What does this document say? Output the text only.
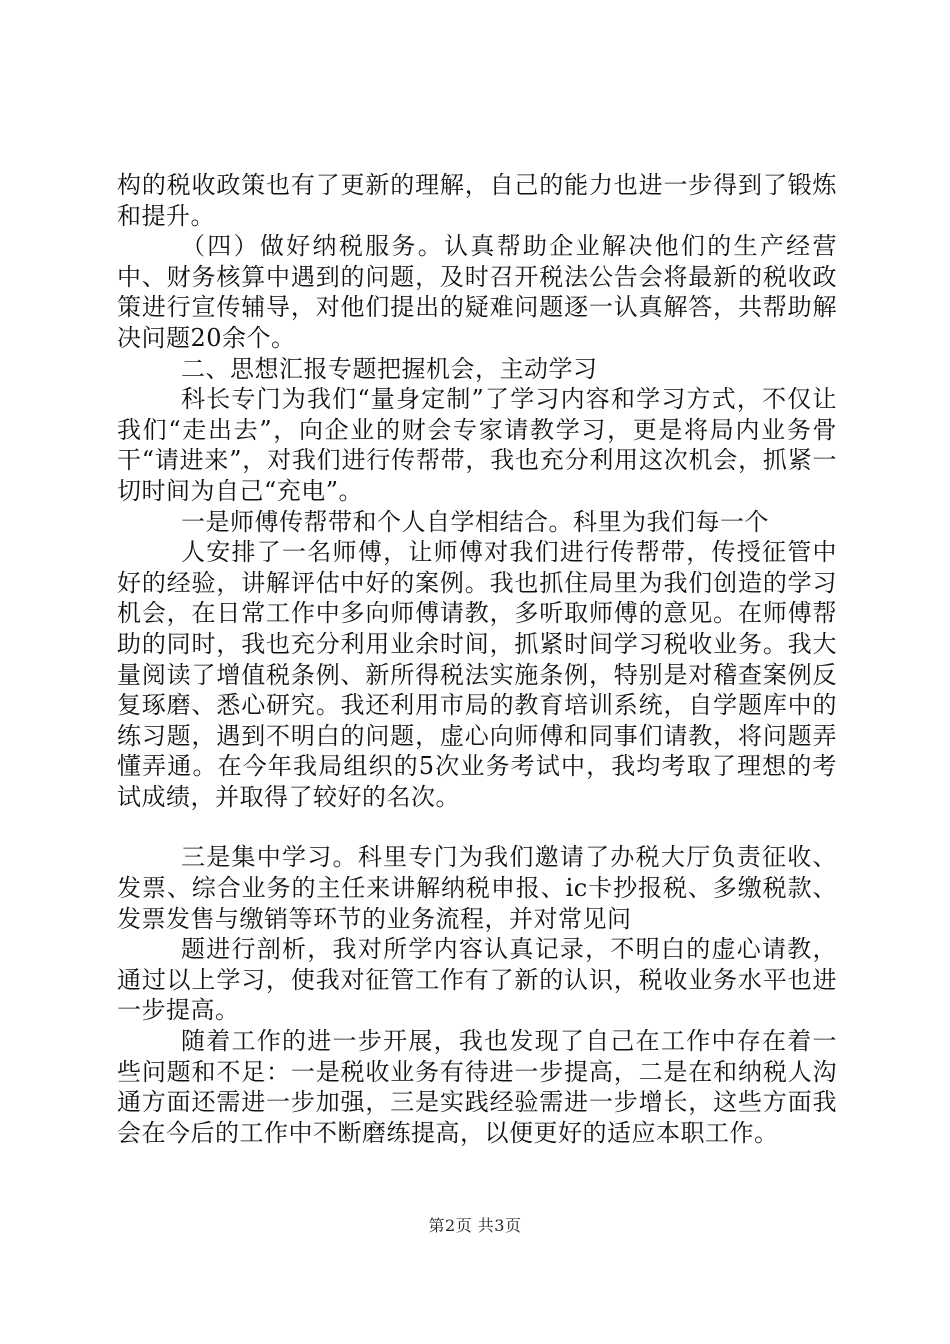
构的税收政策也有了更新的理解，自己的能力也进一步得到了锻炼和提升。

（四）做好纳税服务。认真帮助企业解决他们的生产经营中、财务核算中遇到的问题，及时召开税法公告会将最新的税收政策进行宣传辅导，对他们提出的疑难问题逐一认真解答，共帮助解决问题20余个。

二、思想汇报专题把握机会，主动学习

科长专门为我们“量身定制”了学习内容和学习方式，不仅让我们“走出去”，向企业的财会专家请教学习，更是将局内业务骨干“请进来”，对我们进行传帮带，我也充分利用这次机会，抓紧一切时间为自己“充电”。

一是师傅传帮带和个人自学相结合。科里为我们每一个

人安排了一名师傅，让师傅对我们进行传帮带，传授征管中好的经验，讲解评估中好的案例。我也抓住局里为我们创造的学习机会，在日常工作中多向师傅请教，多听取师傅的意见。在师傅帮助的同时，我也充分利用业余时间，抓紧时间学习税收业务。我大量阅读了增值税条例、新所得税法实施条例，特别是对稽查案例反复琢磨、悉心研究。我还利用市局的教育培训系统，自学题库中的练习题，遇到不明白的问题，虚心向师傅和同事们请教，将问题弄懂弄通。在今年我局组织的5次业务考试中，我均考取了理想的考试成绩，并取得了较好的名次。

三是集中学习。科里专门为我们邀请了办税大厅负责征收、发票、综合业务的主任来讲解纳税申报、ic卡抄报税、多缴税款、发票发售与缴销等环节的业务流程，并对常见问

题进行剖析，我对所学内容认真记录，不明白的虚心请教，通过以上学习，使我对征管工作有了新的认识，税收业务水平也进一步提高。

随着工作的进一步开展，我也发现了自己在工作中存在着一些问题和不足：一是税收业务有待进一步提高，二是在和纳税人沟通方面还需进一步加强，三是实践经验需进一步增长，这些方面我会在今后的工作中不断磨练提高，以便更好的适应本职工作。

第2页 共3页
